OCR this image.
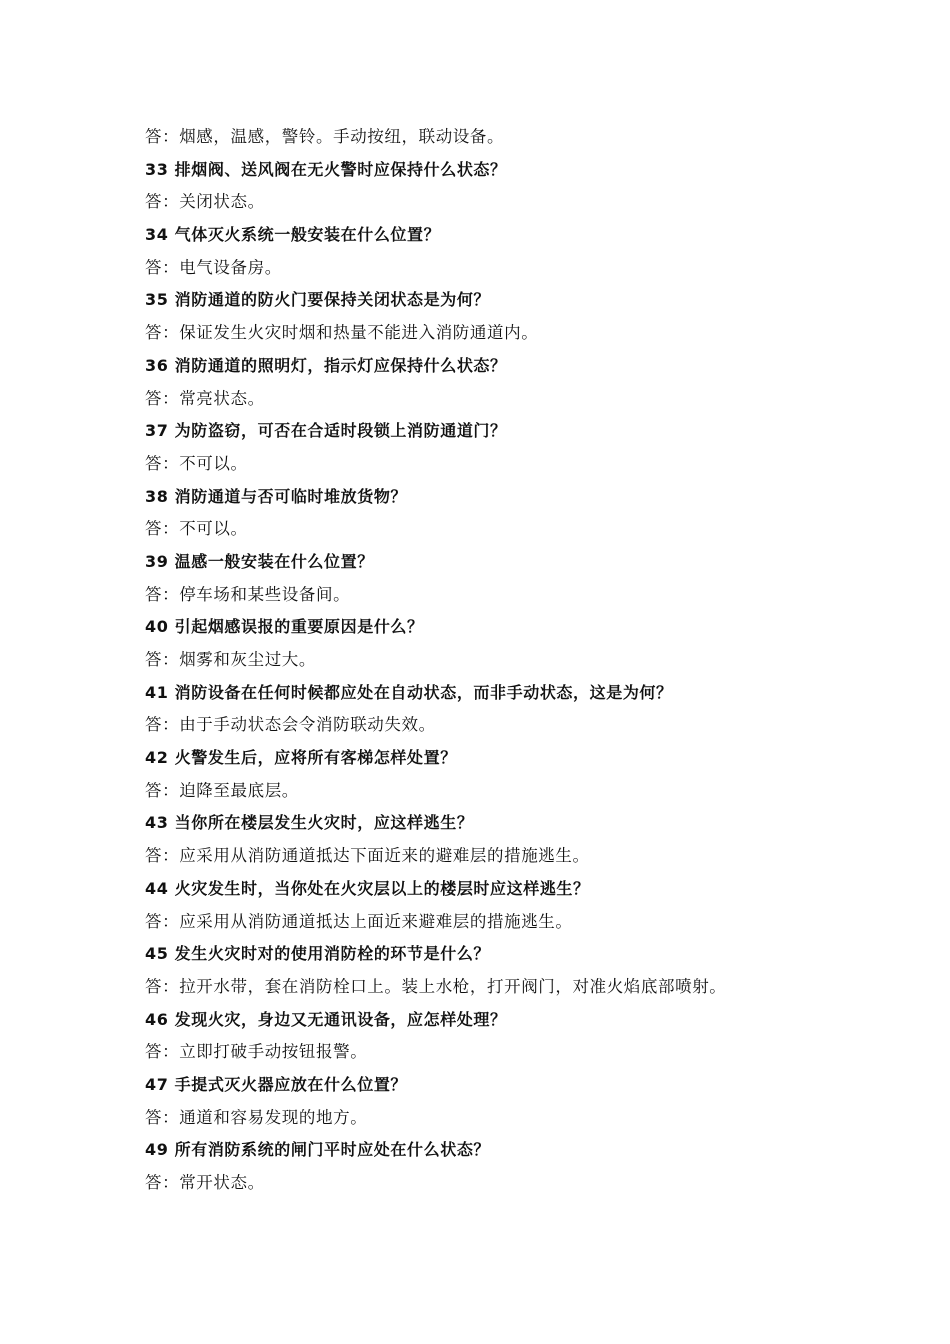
答：烟感，温感，警铃。手动按纽，联动设备。
33 排烟阀、送风阀在无火警时应保持什么状态？
答：关闭状态。
34 气体灭火系统一般安装在什么位置？
答：电气设备房。
35 消防通道的防火门要保持关闭状态是为何？
答：保证发生火灾时烟和热量不能进入消防通道内。
36 消防通道的照明灯，指示灯应保持什么状态？
答：常亮状态。
37 为防盗窃，可否在合适时段锁上消防通道门？
答：不可以。
38 消防通道与否可临时堆放货物？
答：不可以。
39 温感一般安装在什么位置？
答：停车场和某些设备间。
40 引起烟感误报的重要原因是什么？
答：烟雾和灰尘过大。
41 消防设备在任何时候都应处在自动状态，而非手动状态，这是为何？
答：由于手动状态会令消防联动失效。
42 火警发生后，应将所有客梯怎样处置？
答：迫降至最底层。
43 当你所在楼层发生火灾时，应这样逃生？
答：应采用从消防通道抵达下面近来的避难层的措施逃生。
44 火灾发生时，当你处在火灾层以上的楼层时应这样逃生？
答：应采用从消防通道抵达上面近来避难层的措施逃生。
45 发生火灾时对的使用消防栓的环节是什么？
答：拉开水带，套在消防栓口上。装上水枪，打开阀门，对准火焰底部喷射。
46 发现火灾，身边又无通讯设备，应怎样处理？
答：立即打破手动按钮报警。
47 手提式灭火器应放在什么位置？
答：通道和容易发现的地方。
49 所有消防系统的闸门平时应处在什么状态？
答：常开状态。
